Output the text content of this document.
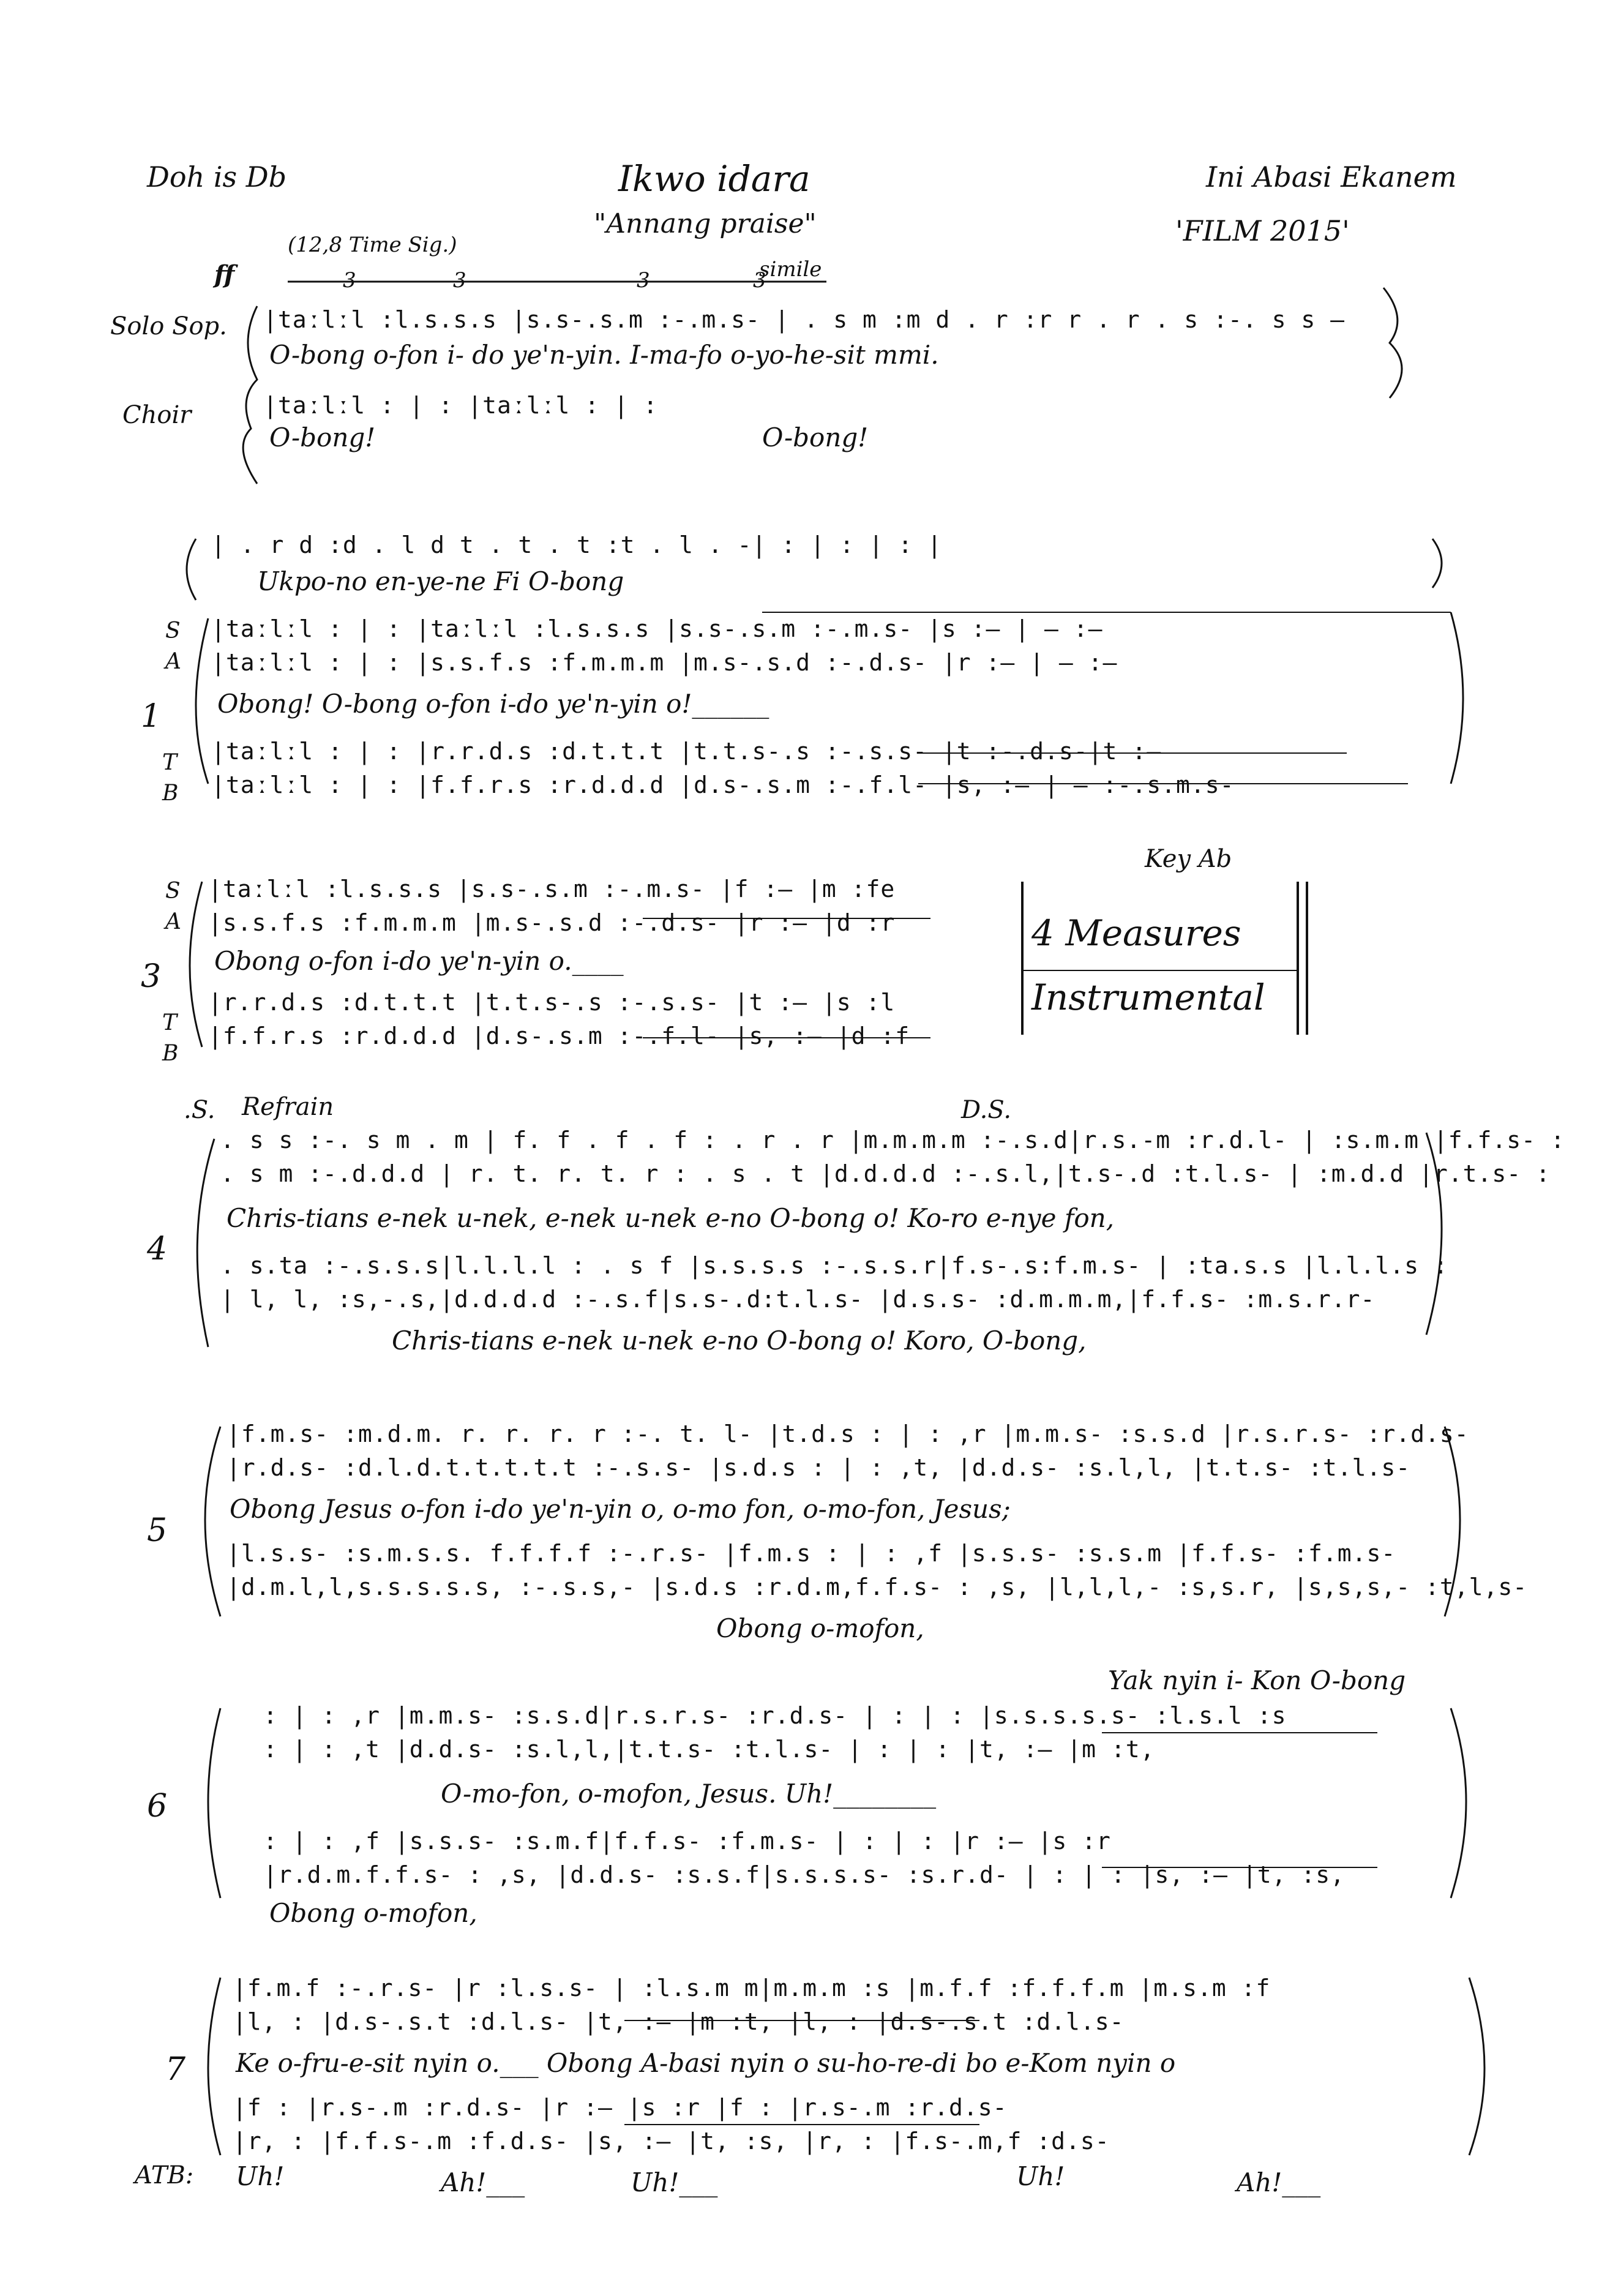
Doh is Db	Ikwo idara
"Annang praise"
Ini Abasi Ekanem
'FILM 2015'
(12,8 Time Sig.)
ff	simile
3	3	3	3
Solo Sop.
Choir
|taːlːl :l.s.s.s |s.s-.s.m :-.m.s- | . s m :m d . r :r r . r . s :-. s s —
O-bong o-fon i- do ye'n-yin. I-ma-fo o-yo-he-sit mmi.
|taːlːl : | : |taːlːl : | :
O-bong!	O-bong!
| . r d :d . l d t . t . t :t . l . -| : | : | : |
Ukpo-no en-ye-ne Fi O-bong
S
A
1
T
B
|taːlːl : | : |taːlːl :l.s.s.s |s.s-.s.m :-.m.s- |s :— | — :—
|taːlːl : | : |s.s.f.s :f.m.m.m |m.s-.s.d :-.d.s- |r :— | — :—
Obong! O-bong o-fon i-do ye'n-yin o!______
|taːlːl : | : |r.r.d.s :d.t.t.t |t.t.s-.s :-.s.s- |t :-.d.s-|t :—
|taːlːl : | : |f.f.r.s :r.d.d.d |d.s-.s.m :-.f.l- |s, :— | — :-.s.m.s-
Key Ab
S
A
3
T
B
|taːlːl :l.s.s.s |s.s-.s.m :-.m.s- |f :— |m :fe
|s.s.f.s :f.m.m.m |m.s-.s.d :-.d.s- |r :— |d :r
Obong o-fon i-do ye'n-yin o.____
|r.r.d.s :d.t.t.t |t.t.s-.s :-.s.s- |t :— |s :l
|f.f.r.s :r.d.d.d |d.s-.s.m :-.f.l- |s, :— |d :f
4 Measures
Instrumental
.S. Refrain	D.S.
4
. s s :-. s m . m | f. f . f . f : . r . r |m.m.m.m :-.s.d|r.s.-m :r.d.l- | :s.m.m |f.f.s- :
. s m :-.d.d.d | r. t. r. t. r : . s . t |d.d.d.d :-.s.l,|t.s-.d :t.l.s- | :m.d.d |r.t.s- :
Chris-tians e-nek u-nek, e-nek u-nek e-no O-bong o! Ko-ro e-nye fon,
. s.ta :-.s.s.s|l.l.l.l : . s f |s.s.s.s :-.s.s.r|f.s-.s:f.m.s- | :ta.s.s |l.l.l.s :
| l, l, :s,-.s,|d.d.d.d :-.s.f|s.s-.d:t.l.s- |d.s.s- :d.m.m.m,|f.f.s- :m.s.r.r-
Chris-tians e-nek u-nek e-no O-bong o! Koro, O-bong,
5
|f.m.s- :m.d.m. r. r. r. r :-. t. l- |t.d.s : | : ,r |m.m.s- :s.s.d |r.s.r.s- :r.d.s-
|r.d.s- :d.l.d.t.t.t.t.t :-.s.s- |s.d.s : | : ,t, |d.d.s- :s.l,l, |t.t.s- :t.l.s-
Obong Jesus o-fon i-do ye'n-yin o, o-mo fon, o-mo-fon, Jesus;
|l.s.s- :s.m.s.s. f.f.f.f :-.r.s- |f.m.s : | : ,f |s.s.s- :s.s.m |f.f.s- :f.m.s-
|d.m.l,l,s.s.s.s.s, :-.s.s,- |s.d.s :r.d.m,f.f.s- : ,s, |l,l,l,- :s,s.r, |s,s,s,- :t,l,s-
Obong o-mofon,
Yak nyin i- Kon O-bong
6
: | : ,r |m.m.s- :s.s.d|r.s.r.s- :r.d.s- | : | : |s.s.s.s.s- :l.s.l :s
: | : ,t |d.d.s- :s.l,l,|t.t.s- :t.l.s- | : | : |t, :— |m :t,
O-mo-fon, o-mofon, Jesus. Uh!________
: | : ,f |s.s.s- :s.m.f|f.f.s- :f.m.s- | : | : |r :— |s :r
|r.d.m.f.f.s- : ,s, |d.d.s- :s.s.f|s.s.s.s- :s.r.d- | : | : |s, :— |t, :s,
Obong o-mofon,
7
|f.m.f :-.r.s- |r :l.s.s- | :l.s.m m|m.m.m :s |m.f.f :f.f.f.m |m.s.m :f
|l, : |d.s-.s.t :d.l.s- |t, :— |m :t, |l, : |d.s-.s.t :d.l.s-
Ke o-fru-e-sit nyin o.___ Obong A-basi nyin o su-ho-re-di bo e-Kom nyin o
|f : |r.s-.m :r.d.s- |r :— |s :r |f : |r.s-.m :r.d.s-
|r, : |f.f.s-.m :f.d.s- |s, :— |t, :s, |r, : |f.s-.m,f :d.s-
ATB: Uh!	Ah!___	Uh!___	Uh!	Ah!___
